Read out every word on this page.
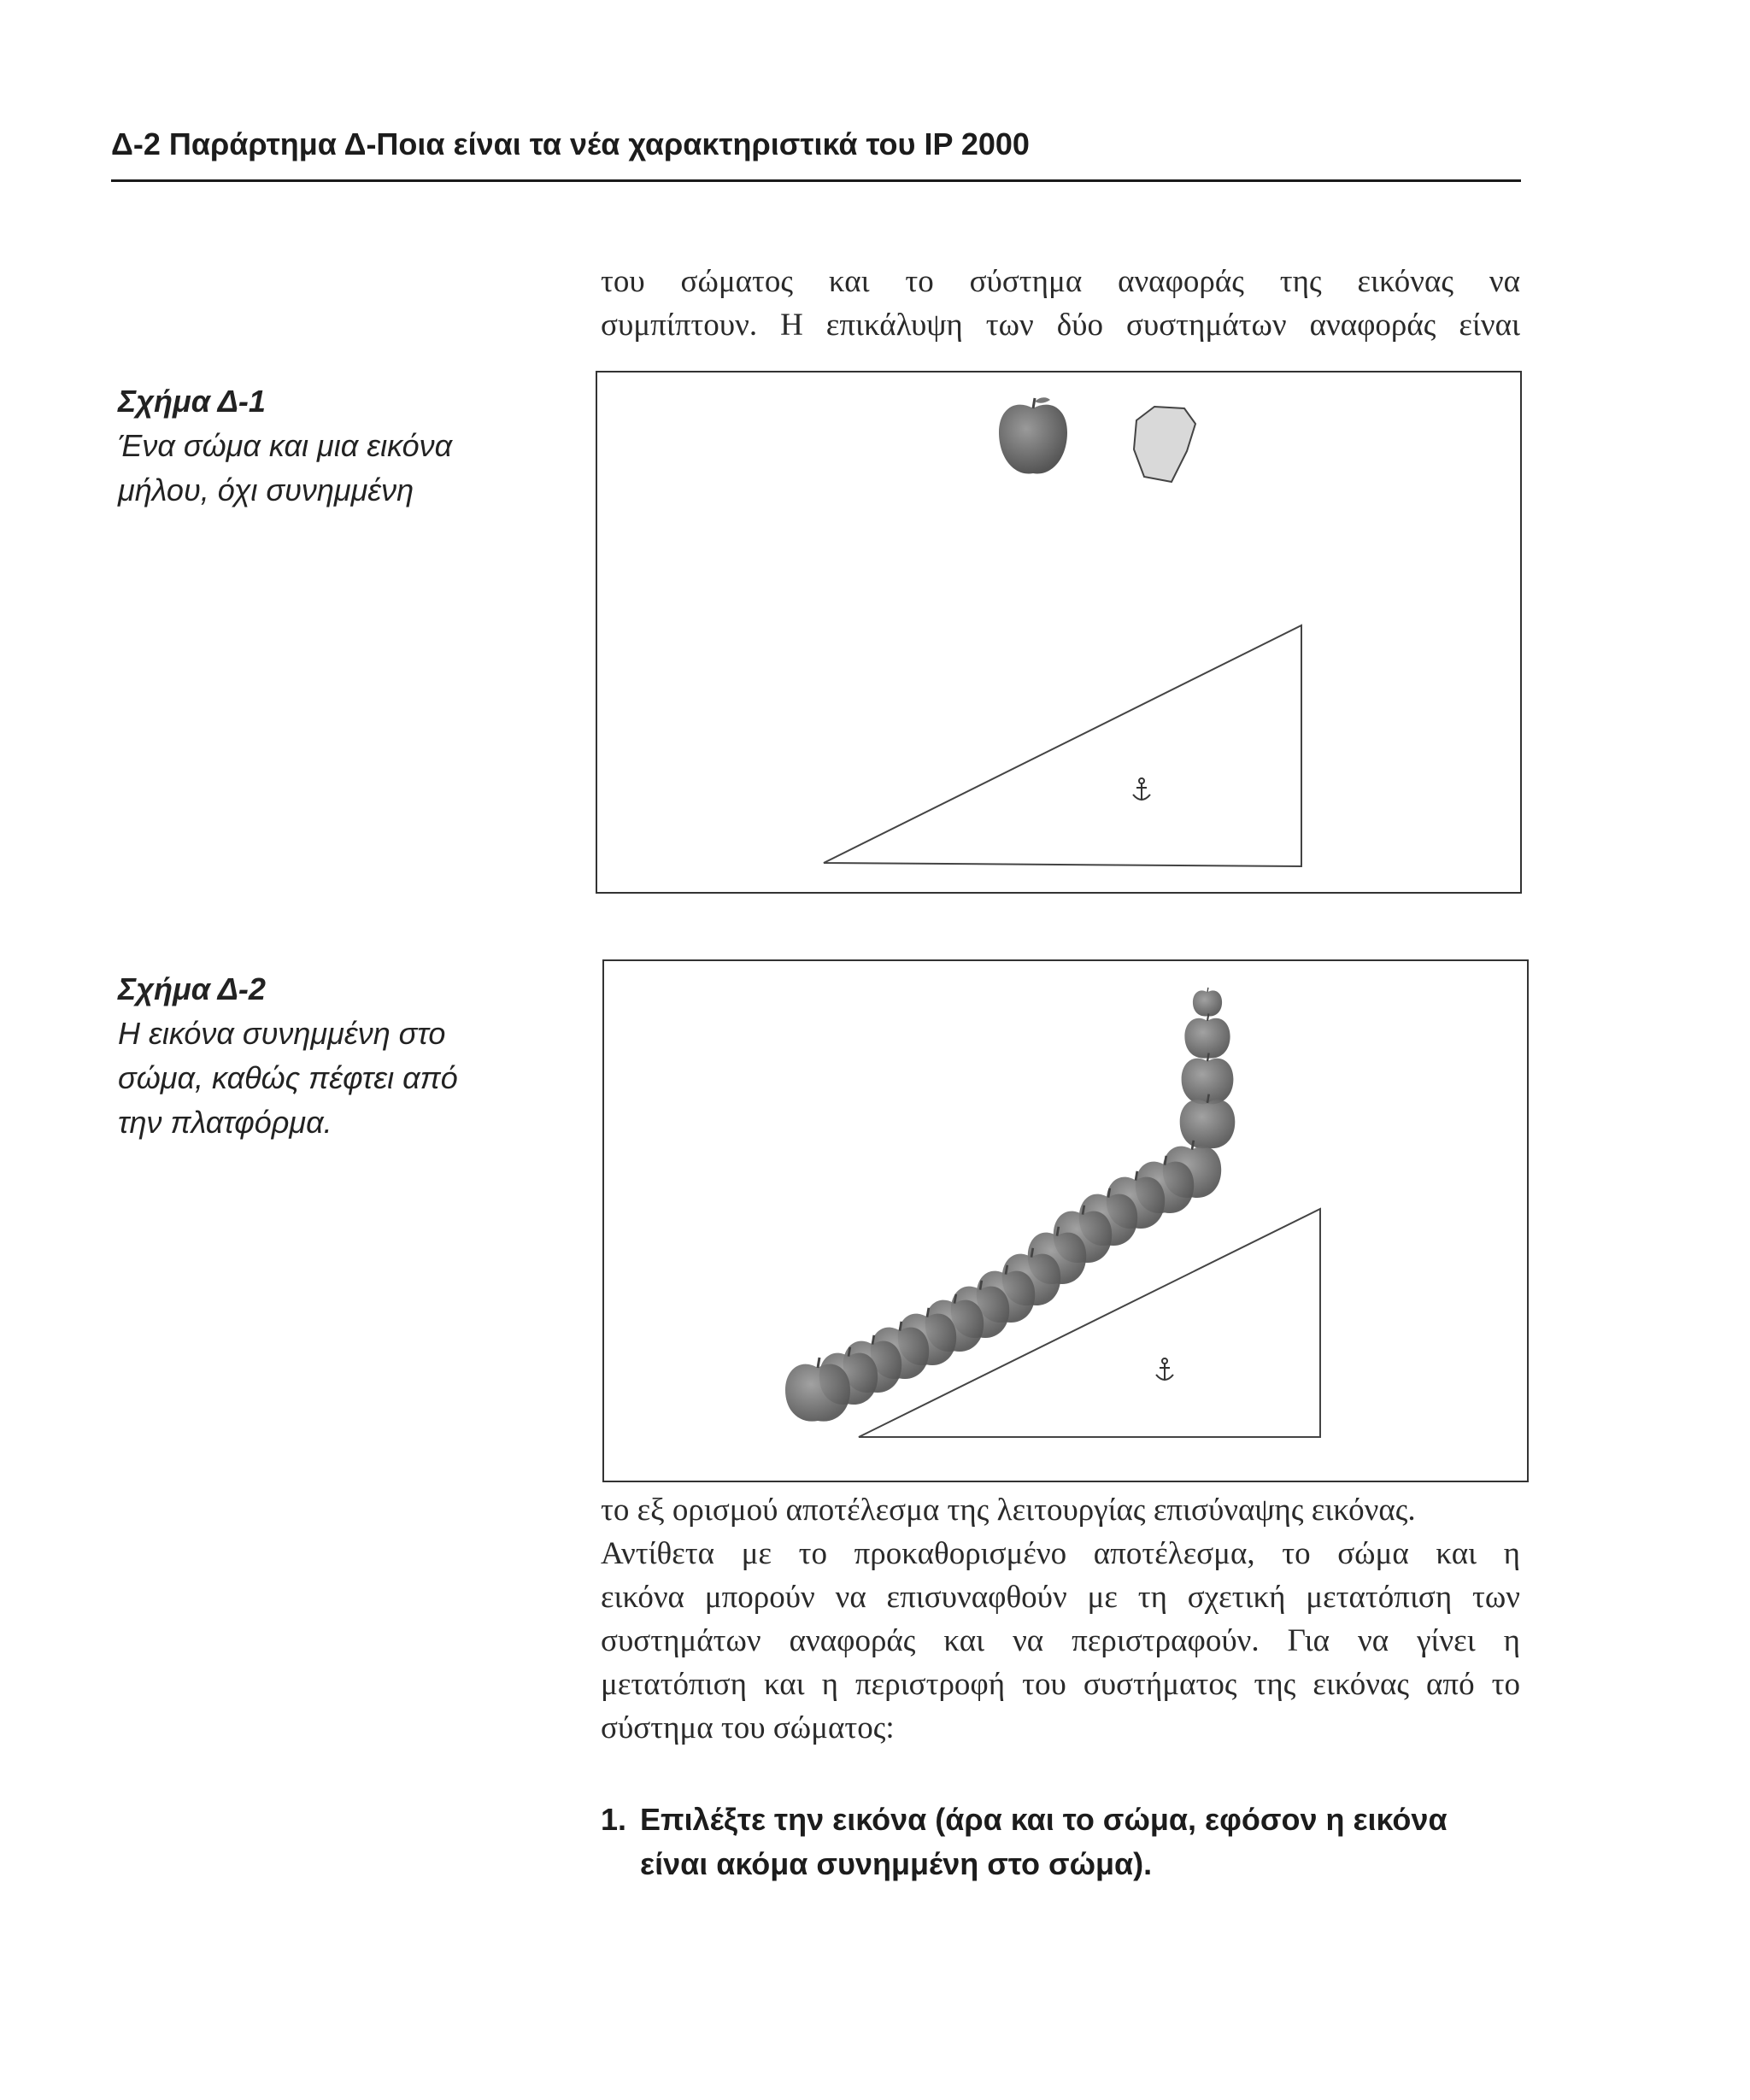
Δ-2 Παράρτημα Δ-Ποια είναι τα νέα χαρακτηριστικά του IP 2000

του σώματος και το σύστημα αναφοράς της εικόνας να

συμπίπτουν. Η επικάλυψη των δύο συστημάτων αναφοράς είναι

Σχήμα Δ-1
Ένα σώμα και μια εικόνα
μήλου, όχι συνημμένη
Σχήμα Δ-2
Η εικόνα συνημμένη στο
σώμα, καθώς πέφτει από
την πλατφόρμα.

το εξ ορισμού αποτέλεσμα της λειτουργίας επισύναψης εικόνας.

Αντίθετα με το προκαθορισμένο αποτέλεσμα, το σώμα και η

εικόνα μπορούν να επισυναφθούν με τη σχετική μετατόπιση των

συστημάτων αναφοράς και να περιστραφούν. Για να γίνει η

μετατόπιση και η περιστροφή του συστήματος της εικόνας από το

σύστημα του σώματος:

1. Επιλέξτε την εικόνα (άρα και το σώμα, εφόσον η εικόνα
είναι ακόμα συνημμένη στο σώμα).
